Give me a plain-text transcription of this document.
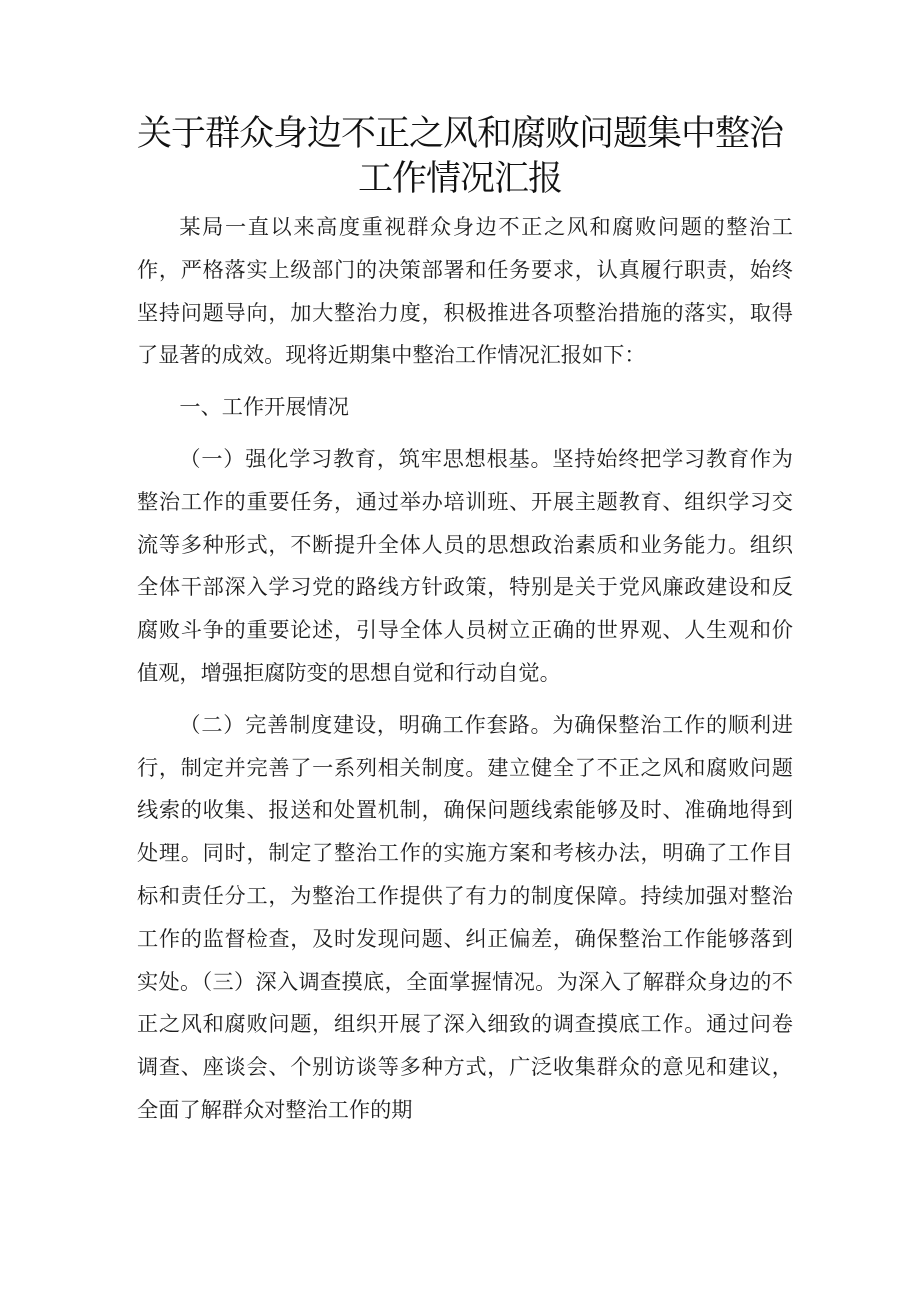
关于群众身边不正之风和腐败问题集中整治
工作情况汇报

某局一直以来高度重视群众身边不正之风和腐败问题的整治工作，严格落实上级部门的决策部署和任务要求，认真履行职责，始终坚持问题导向，加大整治力度，积极推进各项整治措施的落实，取得了显著的成效。现将近期集中整治工作情况汇报如下：

一、工作开展情况

（一）强化学习教育，筑牢思想根基。坚持始终把学习教育作为整治工作的重要任务，通过举办培训班、开展主题教育、组织学习交流等多种形式，不断提升全体人员的思想政治素质和业务能力。组织全体干部深入学习党的路线方针政策，特别是关于党风廉政建设和反腐败斗争的重要论述，引导全体人员树立正确的世界观、人生观和价值观，增强拒腐防变的思想自觉和行动自觉。

（二）完善制度建设，明确工作套路。为确保整治工作的顺利进行，制定并完善了一系列相关制度。建立健全了不正之风和腐败问题线索的收集、报送和处置机制，确保问题线索能够及时、准确地得到处理。同时，制定了整治工作的实施方案和考核办法，明确了工作目标和责任分工，为整治工作提供了有力的制度保障。持续加强对整治工作的监督检查，及时发现问题、纠正偏差，确保整治工作能够落到实处。（三）深入调查摸底，全面掌握情况。为深入了解群众身边的不正之风和腐败问题，组织开展了深入细致的调查摸底工作。通过问卷调查、座谈会、个别访谈等多种方式，广泛收集群众的意见和建议，全面了解群众对整治工作的期
